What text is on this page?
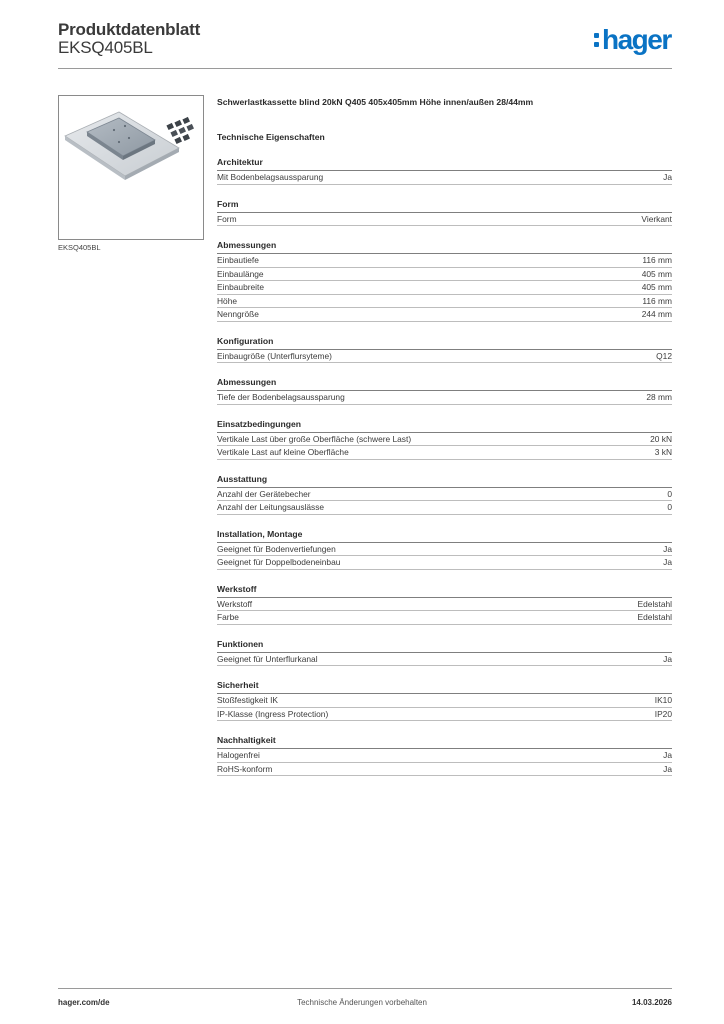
Produktdatenblatt
EKSQ405BL	hager
EKSQ405BL
Schwerlastkassette blind 20kN Q405 405x405mm Höhe innen/außen 28/44mm
Technische Eigenschaften
Architektur
Mit Bodenbelagsaussparung	Ja
Form
Form	Vierkant
Abmessungen
Einbautiefe	116 mm
Einbaulänge	405 mm
Einbaubreite	405 mm
Höhe	116 mm
Nenngröße	244 mm
Konfiguration
Einbaugröße (Unterflursyteme)	Q12
Abmessungen
Tiefe der Bodenbelagsaussparung	28 mm
Einsatzbedingungen
Vertikale Last über große Oberfläche (schwere Last)	20 kN
Vertikale Last auf kleine Oberfläche	3 kN
Ausstattung
Anzahl der Gerätebecher	0
Anzahl der Leitungsauslässe	0
Installation, Montage
Geeignet für Bodenvertiefungen	Ja
Geeignet für Doppelbodeneinbau	Ja
Werkstoff
Werkstoff	Edelstahl
Farbe	Edelstahl
Funktionen
Geeignet für Unterflurkanal	Ja
Sicherheit
Stoßfestigkeit IK	IK10
IP-Klasse (Ingress Protection)	IP20
Nachhaltigkeit
Halogenfrei	Ja
RoHS-konform	Ja
hager.com/de	Technische Änderungen vorbehalten	14.03.2026
